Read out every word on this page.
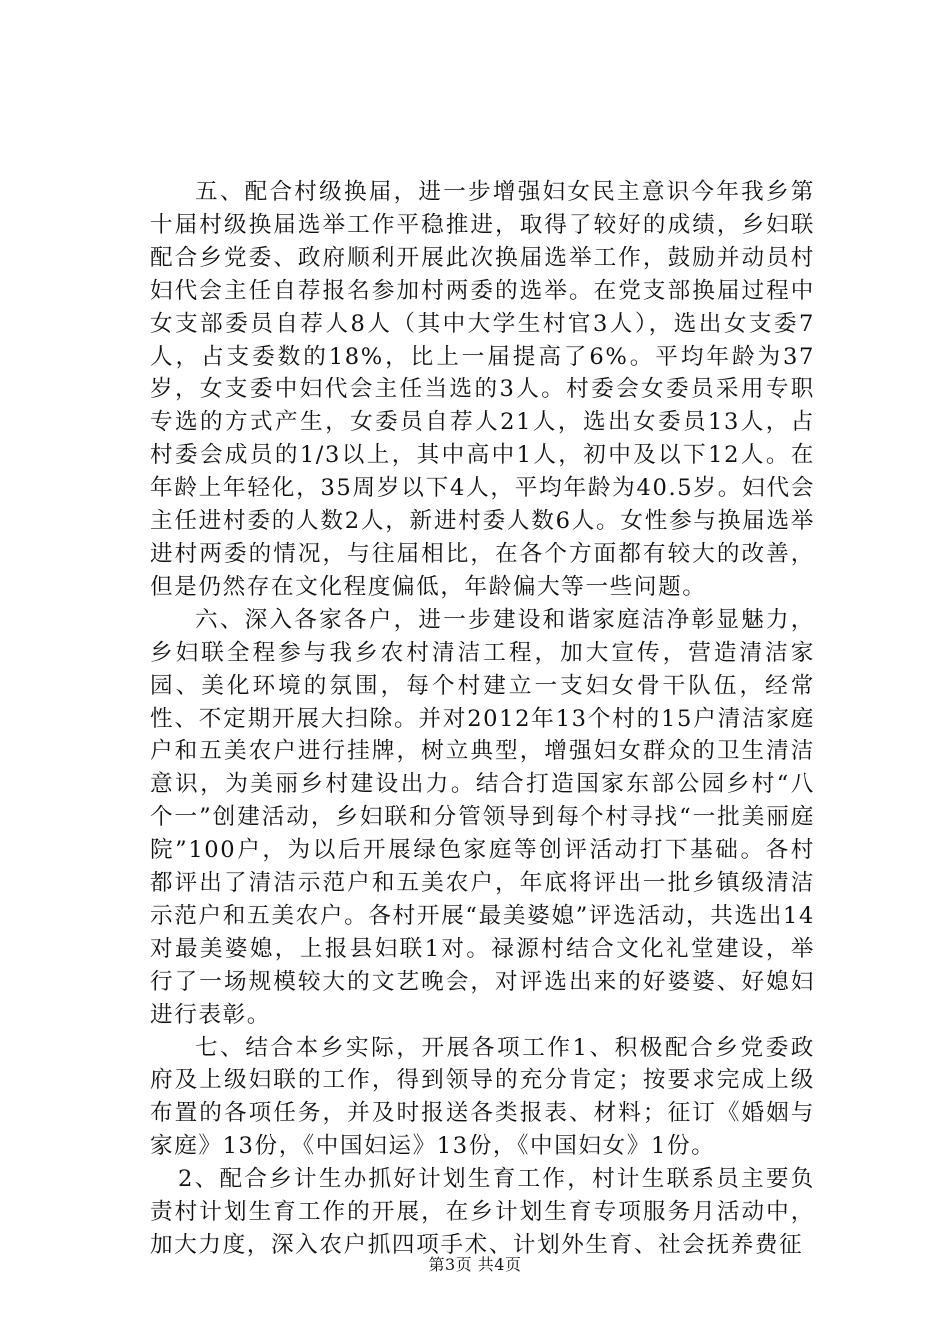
五、配合村级换届，进一步增强妇女民主意识今年我乡第十届村级换届选举工作平稳推进，取得了较好的成绩，乡妇联配合乡党委、政府顺利开展此次换届选举工作，鼓励并动员村妇代会主任自荐报名参加村两委的选举。在党支部换届过程中女支部委员自荐人8人（其中大学生村官3人），选出女支委7人，占支委数的18%，比上一届提高了6%。平均年龄为37岁，女支委中妇代会主任当选的3人。村委会女委员采用专职专选的方式产生，女委员自荐人21人，选出女委员13人，占村委会成员的1/3以上，其中高中1人，初中及以下12人。在年龄上年轻化，35周岁以下4人，平均年龄为40.5岁。妇代会主任进村委的人数2人，新进村委人数6人。女性参与换届选举进村两委的情况，与往届相比，在各个方面都有较大的改善，但是仍然存在文化程度偏低，年龄偏大等一些问题。

六、深入各家各户，进一步建设和谐家庭洁净彰显魅力，乡妇联全程参与我乡农村清洁工程，加大宣传，营造清洁家园、美化环境的氛围，每个村建立一支妇女骨干队伍，经常性、不定期开展大扫除。并对2012年13个村的15户清洁家庭户和五美农户进行挂牌，树立典型，增强妇女群众的卫生清洁意识，为美丽乡村建设出力。结合打造国家东部公园乡村“八个一”创建活动，乡妇联和分管领导到每个村寻找“一批美丽庭院”100户，为以后开展绿色家庭等创评活动打下基础。各村都评出了清洁示范户和五美农户，年底将评出一批乡镇级清洁示范户和五美农户。各村开展“最美婆媳”评选活动，共选出14对最美婆媳，上报县妇联1对。禄源村结合文化礼堂建设，举行了一场规模较大的文艺晚会，对评选出来的好婆婆、好媳妇进行表彰。

七、结合本乡实际，开展各项工作1、积极配合乡党委政府及上级妇联的工作，得到领导的充分肯定；按要求完成上级布置的各项任务，并及时报送各类报表、材料；征订《婚姻与家庭》13份，《中国妇运》13份，《中国妇女》1份。

2、配合乡计生办抓好计划生育工作，村计生联系员主要负责村计划生育工作的开展，在乡计划生育专项服务月活动中，加大力度，深入农户抓四项手术、计划外生育、社会抚养费征

第3页 共4页
